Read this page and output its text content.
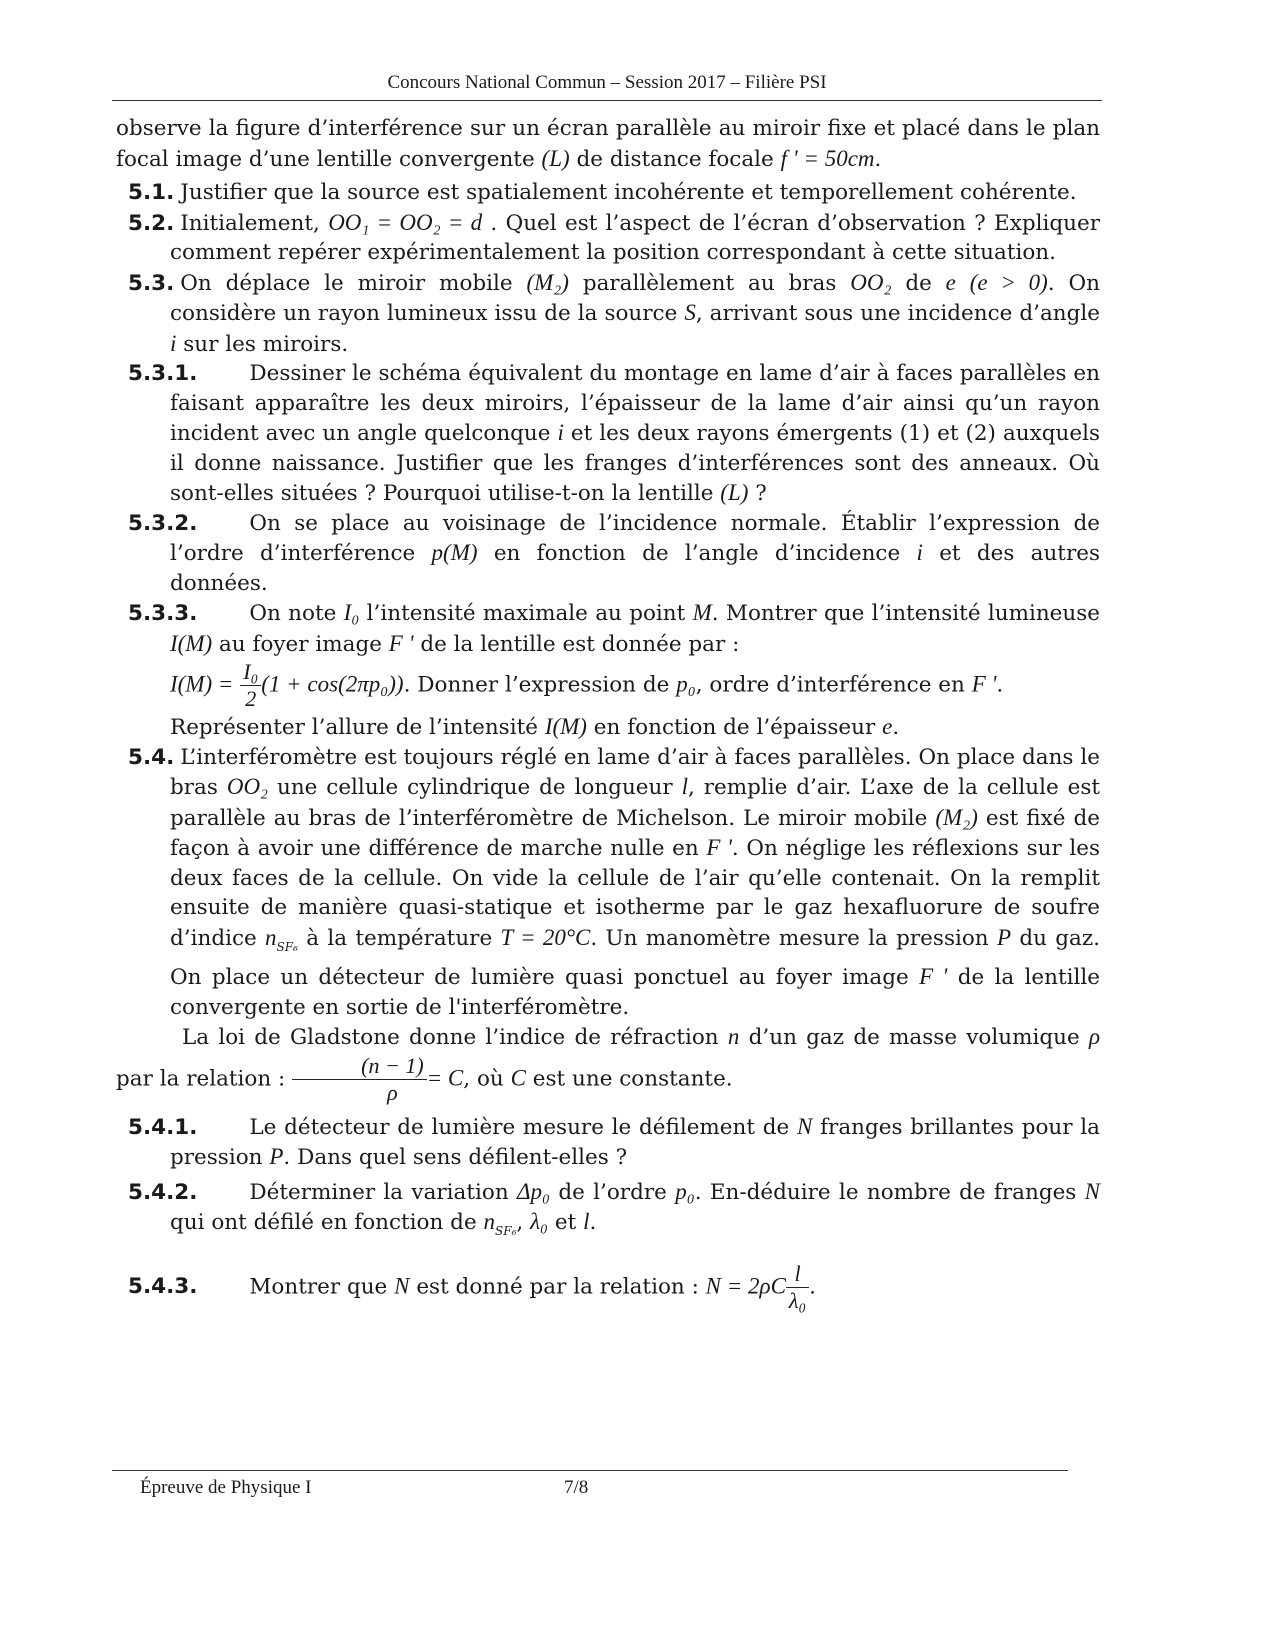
Concours National Commun – Session 2017 – Filière PSI

observe la figure d’interférence sur un écran parallèle au miroir fixe et placé dans le plan focal image d’une lentille convergente (L) de distance focale f ' = 50cm.

5.1. Justifier que la source est spatialement incohérente et temporellement cohérente.

5.2. Initialement, OO₁ = OO₂ = d . Quel est l’aspect de l’écran d’observation ? Expliquer comment repérer expérimentalement la position correspondant à cette situation.

5.3. On déplace le miroir mobile (M₂) parallèlement au bras OO₂ de e (e > 0). On considère un rayon lumineux issu de la source S, arrivant sous une incidence d’angle i sur les miroirs.

5.3.1. Dessiner le schéma équivalent du montage en lame d’air à faces parallèles en faisant apparaître les deux miroirs, l’épaisseur de la lame d’air ainsi qu’un rayon incident avec un angle quelconque i et les deux rayons émergents (1) et (2) auxquels il donne naissance. Justifier que les franges d’interférences sont des anneaux. Où sont-elles situées ? Pourquoi utilise-t-on la lentille (L) ?

5.3.2. On se place au voisinage de l’incidence normale. Établir l’expression de l’ordre d’interférence p(M) en fonction de l’angle d’incidence i et des autres données.

5.3.3. On note I₀ l’intensité maximale au point M. Montrer que l’intensité lumineuse I(M) au foyer image F ' de la lentille est donnée par :

$I(M) = \frac{\text{I₀}}{2} (1 + \cos(2\pi p_0))$. Donner l’expression de p₀, ordre d’interférence en F '.

Représenter l’allure de l’intensité I(M) en fonction de l’épaisseur e.

5.4. L’interféromètre est toujours réglé en lame d’air à faces parallèles. On place dans le bras OO₂ une cellule cylindrique de longueur l, remplie d’air. L’axe de la cellule est parallèle au bras de l’interféromètre de Michelson. Le miroir mobile (M₂) est fixé de façon à avoir une différence de marche nulle en F '. On néglige les réflexions sur les deux faces de la cellule. On vide la cellule de l’air qu’elle contenait. On la remplit ensuite de manière quasi-statique et isotherme par le gaz hexafluorure de soufre d’indice $n_{SF_6}$ à la température T = 20°C. Un manomètre mesure la pression P du gaz. On place un détecteur de lumière quasi ponctuel au foyer image F ' de la lentille convergente en sortie de l'interféromètre.

La loi de Gladstone donne l’indice de réfraction n d’un gaz de masse volumique ρ par la relation : $\frac{(n - 1)}{\rho} = C$, où C est une constante.

5.4.1. Le détecteur de lumière mesure le défilement de N franges brillantes pour la pression P. Dans quel sens défilent-elles ?

5.4.2. Déterminer la variation Δp₀ de l’ordre p₀. En-déduire le nombre de franges N qui ont défilé en fonction de $n_{SF_6}$, λ₀ et l.

5.4.3. Montrer que N est donné par la relation : $N = 2\rho C \frac{l}{\text{λ₀}}$ .

Épreuve de Physique I	7/8
